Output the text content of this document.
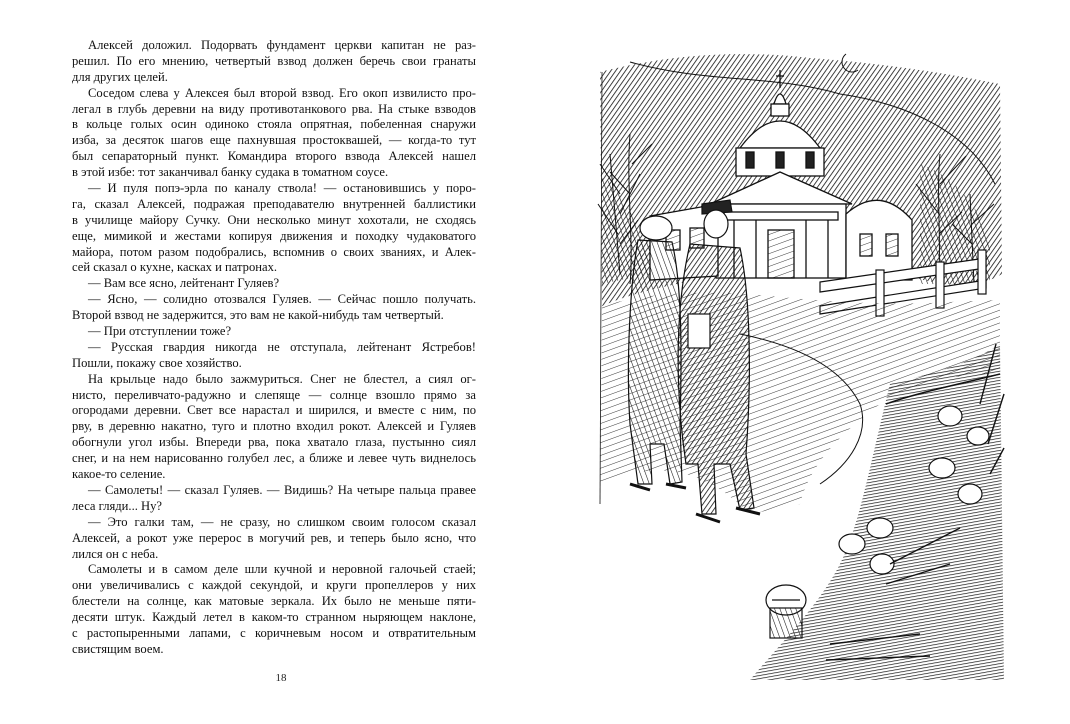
Алексей доложил. Подорвать фундамент церкви капитан не раз-
решил. По его мнению, четвертый взвод должен беречь свои гранаты
для других целей.
Соседом слева у Алексея был второй взвод. Его окоп извилисто про-
легал в глубь деревни на виду противотанкового рва. На стыке взводов
в кольце голых осин одиноко стояла опрятная, побеленная снаружи
изба, за десяток шагов еще пахнувшая простоквашей, — когда-то тут
был сепараторный пункт. Командира второго взвода Алексей нашел
в этой избе: тот заканчивал банку судака в томатном соусе.
— И пуля попэ-эрла по каналу ствола! — остановившись у поро-
га, сказал Алексей, подражая преподавателю внутренней баллистики
в училище майору Сучку. Они несколько минут хохотали, не сходясь
еще, мимикой и жестами копируя движения и походку чудаковатого
майора, потом разом подобрались, вспомнив о своих званиях, и Алек-
сей сказал о кухне, касках и патронах.
— Вам все ясно, лейтенант Гуляев?
— Ясно, — солидно отозвался Гуляев. — Сейчас пошло получать.
Второй взвод не задержится, это вам не какой-нибудь там четвертый.
— При отступлении тоже?
— Русская гвардия никогда не отступала, лейтенант Ястребов!
Пошли, покажу свое хозяйство.
На крыльце надо было зажмуриться. Снег не блестел, а сиял ог-
нисто, переливчато-радужно и слепяще — солнце взошло прямо за
огородами деревни. Свет все нарастал и ширился, и вместе с ним, по
рву, в деревню накатно, туго и плотно входил рокот. Алексей и Гуляев
обогнули угол избы. Впереди рва, пока хватало глаза, пустынно сиял
снег, и на нем нарисованно голубел лес, а ближе и левее чуть виднелось
какое-то селение.
— Самолеты! — сказал Гуляев. — Видишь? На четыре пальца правее
леса гляди... Ну?
— Это галки там, — не сразу, но слишком своим голосом сказал
Алексей, а рокот уже перерос в могучий рев, и теперь было ясно, что
лился он с неба.
Самолеты и в самом деле шли кучной и неровной галочьей стаей;
они увеличивались с каждой секундой, и круги пропеллеров у них
блестели на солнце, как матовые зеркала. Их было не меньше пяти-
десяти штук. Каждый летел в каком-то странном ныряющем наклоне,
с растопыренными лапами, с коричневым носом и отвратительным
свистящим воем.
18
